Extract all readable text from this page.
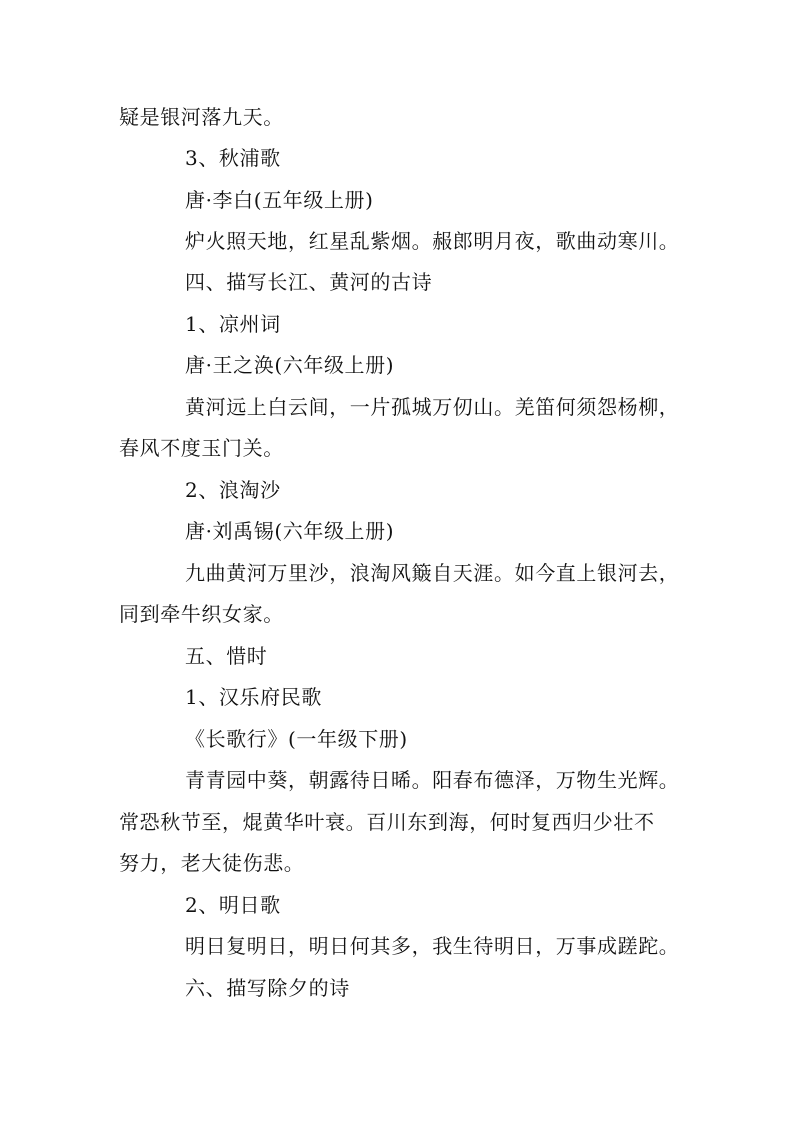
疑是银河落九天。
3、秋浦歌
唐·李白(五年级上册)
炉火照天地，红星乱紫烟。赧郎明月夜，歌曲动寒川。
四、描写长江、黄河的古诗
1、凉州词
唐·王之涣(六年级上册)
黄河远上白云间，一片孤城万仞山。羌笛何须怨杨柳，
春风不度玉门关。
2、浪淘沙
唐·刘禹锡(六年级上册)
九曲黄河万里沙，浪淘风簸自天涯。如今直上银河去，
同到牵牛织女家。
五、惜时
1、汉乐府民歌
《长歌行》(一年级下册)
青青园中葵，朝露待日晞。阳春布德泽，万物生光辉。
常恐秋节至，焜黄华叶衰。百川东到海，何时复西归少壮不
努力，老大徒伤悲。
2、明日歌
明日复明日，明日何其多，我生待明日，万事成蹉跎。
六、描写除夕的诗
